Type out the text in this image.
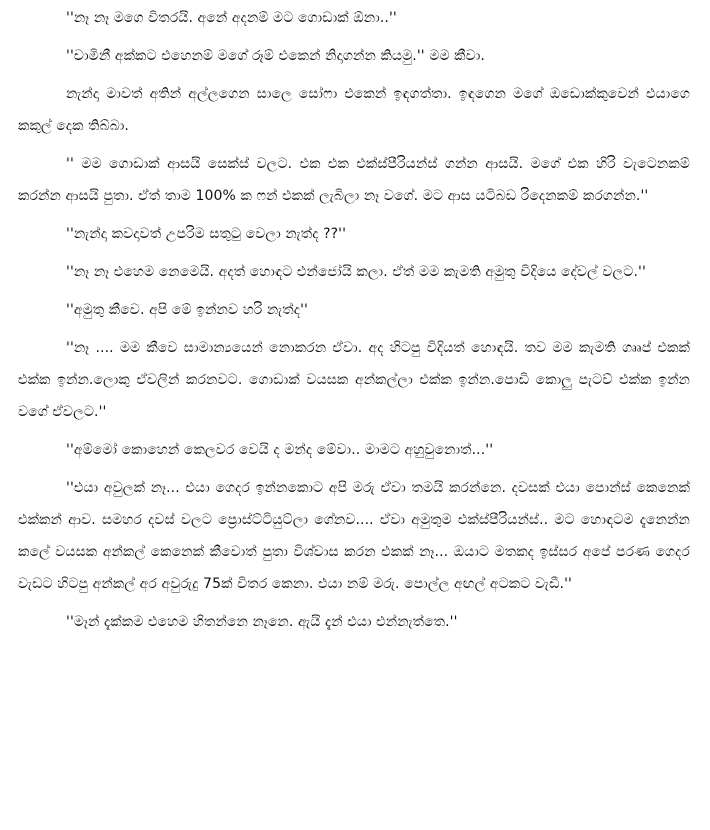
''නෑ නෑ මගෙ විතරයි. අනේ අදනම් මට ගොඩාක් ඕනා..''

''චාමිනී අක්කට එහෙනම් මගේ රූම් එකෙන් නිදාගන්න කියමු.'' මම කීවා.

නැන්දා මාවත් අතින් අල්ලගෙන සාලෙ සෝෆා එකෙන් ඉඳගත්තා. ඉඳගෙන මගේ ඔඩොක්කුවෙන් එයාගෙ කකුල් දෙක තිබ්බා.

'' මම ගොඩාක් ආසයි සෙක්ස් වලට. එක එක එක්ස්පීරියන්ස් ගන්න ආසයි. මගේ එක හිරි වැටෙනකම් කරන්න ආසයි පුතා. ඒත් තාම 100% ක ෆන් එකක් ලැබිලා නෑ වගේ. මට ආස යටිබඩ රිදෙනකම් කරගන්න.''

''නැන්දා කවදාවත් උපරිම සතුටු වෙලා නැත්ද ??''

''නෑ නෑ එහෙම නෙමෙයි. අදත් හොඳට එන්ජෝයි කලා. ඒත් මම කැමති අමුතු විදියෙ දේවල් වලට.''

''අමුතු කීවෙ. අපි මේ ඉන්නව හරි නැත්ද''

''නෑ .... මම කීවෙ සාමාන්‍යයෙන් නොකරන ඒවා. අද හිටපු විදියත් හොඳයි. තව මම කැමති ගෲප් එකක් එක්ක ඉන්න.ලොකු ඒවලින් කරනවට. ගොඩාක් වයසක අන්කල්ලා එක්ක ඉන්න.පොඩි කොලු පැටව් එක්ක ඉන්න වගේ ඒවලට.''

''අම්මෝ කොහෙන් කෙලවර වෙයි ද මන්ද මේවා.. මාමට අහුවුනොත්...''

''එයා අවුලක් නෑ... එයා ගෙදර ඉන්නකොට අපි මරු ඒවා තමයි කරන්නෙ. දවසක් එයා පොන්ස් කෙනෙක් එක්කන් ආව. සමහර දවස් වලට ප්‍රොස්ට්ටියුට්ලා ගේනව.... ඒවා අමුතුම එක්ස්පීරියන්ස්.. මට හොඳටම දැනෙන්න කලේ වයසක අන්කල් කෙනෙක් කීවොත් පුතා විශ්වාස කරන එකක් නෑ... ඔයාට මතකද ඉස්සර අපේ පරණ ගෙදර වැඩට හිටපු අන්කල් අර අවුරුදු 75ක් විතර කෙනා. එයා නම් මරු. පොල්ල අඟල් අටකට වැඩී.''

''මෑන් දැක්කම එහෙම හිතන්නෙ නෑනෙ. ඇයි දැන් එයා එන්නැත්තෙ.''
